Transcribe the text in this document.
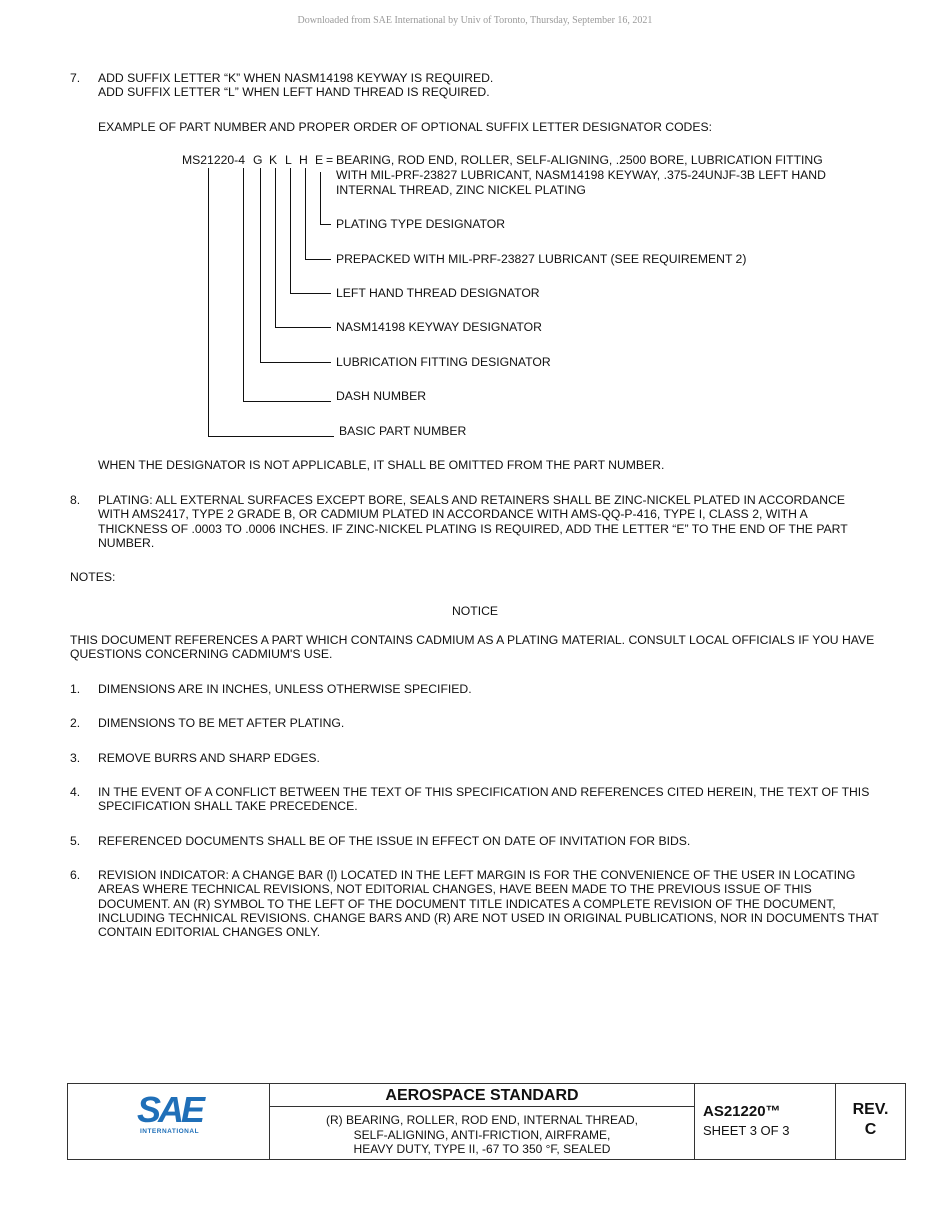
Downloaded from SAE International by Univ of Toronto, Thursday, September 16, 2021
7. ADD SUFFIX LETTER “K” WHEN NASM14198 KEYWAY IS REQUIRED.
ADD SUFFIX LETTER “L” WHEN LEFT HAND THREAD IS REQUIRED.
EXAMPLE OF PART NUMBER AND PROPER ORDER OF OPTIONAL SUFFIX LETTER DESIGNATOR CODES:
MS21220-4 G K L H E = BEARING, ROD END, ROLLER, SELF-ALIGNING, .2500 BORE, LUBRICATION FITTING
WITH MIL-PRF-23827 LUBRICANT, NASM14198 KEYWAY, .375-24UNJF-3B LEFT HAND
INTERNAL THREAD, ZINC NICKEL PLATING
PLATING TYPE DESIGNATOR
PREPACKED WITH MIL-PRF-23827 LUBRICANT (SEE REQUIREMENT 2)
LEFT HAND THREAD DESIGNATOR
NASM14198 KEYWAY DESIGNATOR
LUBRICATION FITTING DESIGNATOR
DASH NUMBER
BASIC PART NUMBER
WHEN THE DESIGNATOR IS NOT APPLICABLE, IT SHALL BE OMITTED FROM THE PART NUMBER.
8. PLATING: ALL EXTERNAL SURFACES EXCEPT BORE, SEALS AND RETAINERS SHALL BE ZINC-NICKEL PLATED IN ACCORDANCE WITH AMS2417, TYPE 2 GRADE B, OR CADMIUM PLATED IN ACCORDANCE WITH AMS-QQ-P-416, TYPE I, CLASS 2, WITH A THICKNESS OF .0003 TO .0006 INCHES. IF ZINC-NICKEL PLATING IS REQUIRED, ADD THE LETTER “E” TO THE END OF THE PART NUMBER.
NOTES:
NOTICE
THIS DOCUMENT REFERENCES A PART WHICH CONTAINS CADMIUM AS A PLATING MATERIAL. CONSULT LOCAL OFFICIALS IF YOU HAVE QUESTIONS CONCERNING CADMIUM'S USE.
1. DIMENSIONS ARE IN INCHES, UNLESS OTHERWISE SPECIFIED.
2. DIMENSIONS TO BE MET AFTER PLATING.
3. REMOVE BURRS AND SHARP EDGES.
4. IN THE EVENT OF A CONFLICT BETWEEN THE TEXT OF THIS SPECIFICATION AND REFERENCES CITED HEREIN, THE TEXT OF THIS SPECIFICATION SHALL TAKE PRECEDENCE.
5. REFERENCED DOCUMENTS SHALL BE OF THE ISSUE IN EFFECT ON DATE OF INVITATION FOR BIDS.
6. REVISION INDICATOR: A CHANGE BAR (l) LOCATED IN THE LEFT MARGIN IS FOR THE CONVENIENCE OF THE USER IN LOCATING AREAS WHERE TECHNICAL REVISIONS, NOT EDITORIAL CHANGES, HAVE BEEN MADE TO THE PREVIOUS ISSUE OF THIS DOCUMENT. AN (R) SYMBOL TO THE LEFT OF THE DOCUMENT TITLE INDICATES A COMPLETE REVISION OF THE DOCUMENT, INCLUDING TECHNICAL REVISIONS. CHANGE BARS AND (R) ARE NOT USED IN ORIGINAL PUBLICATIONS, NOR IN DOCUMENTS THAT CONTAIN EDITORIAL CHANGES ONLY.
SAE
INTERNATIONAL
AEROSPACE STANDARD
(R) BEARING, ROLLER, ROD END, INTERNAL THREAD,
SELF-ALIGNING, ANTI-FRICTION, AIRFRAME,
HEAVY DUTY, TYPE II, -67 TO 350 °F, SEALED
AS21220™
SHEET 3 OF 3
REV.
C
